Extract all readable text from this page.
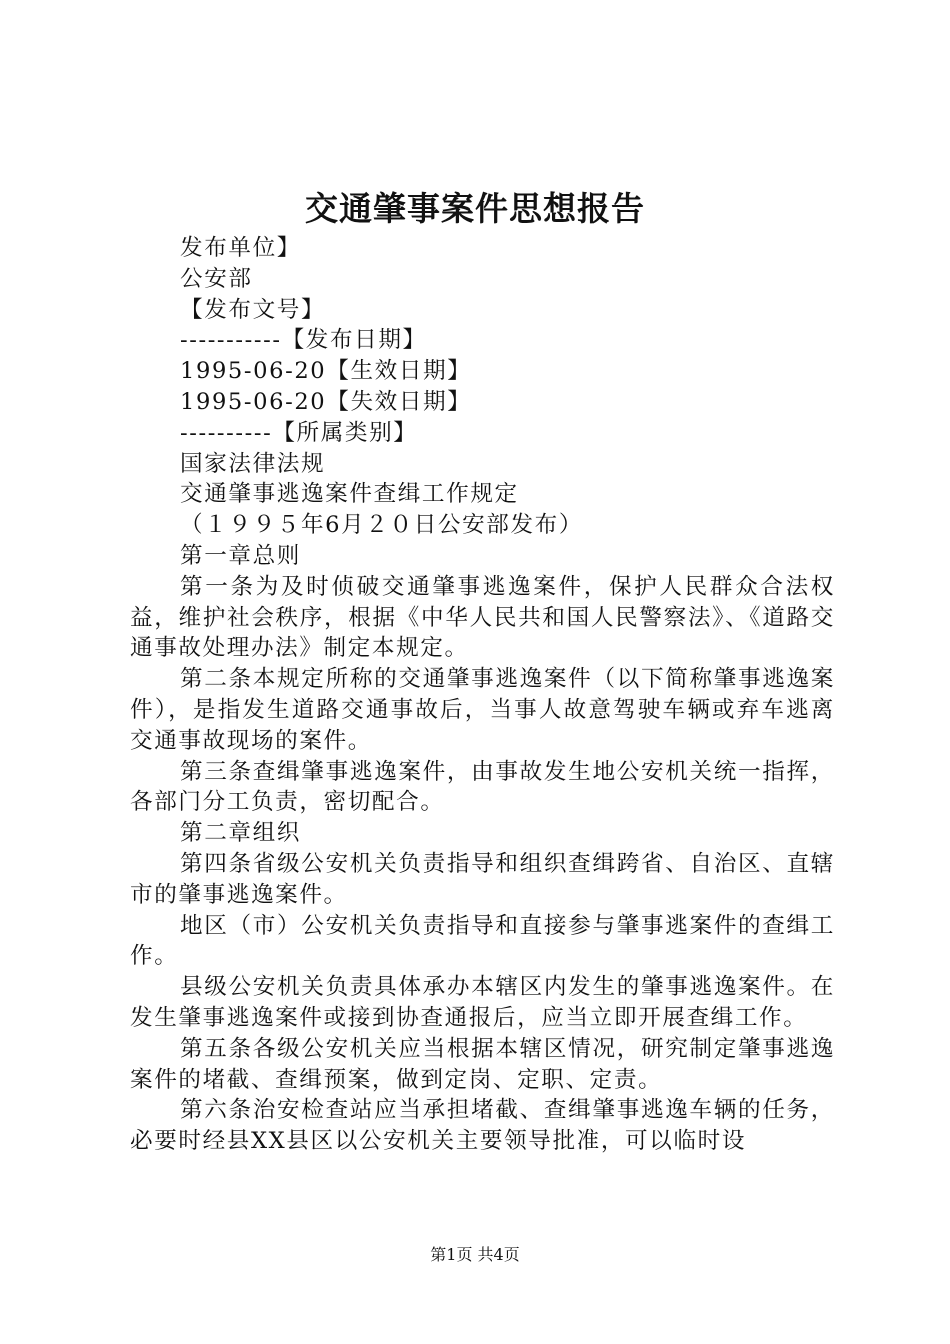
交通肇事案件思想报告
发布单位】
公安部
【发布文号】
-----------【发布日期】
1995-06-20【生效日期】
1995-06-20【失效日期】
----------【所属类别】
国家法律法规
交通肇事逃逸案件查缉工作规定
（１９９５年6月２０日公安部发布）
第一章总则
第一条为及时侦破交通肇事逃逸案件，保护人民群众合法权益，维护社会秩序，根据《中华人民共和国人民警察法》、《道路交通事故处理办法》制定本规定。
第二条本规定所称的交通肇事逃逸案件（以下简称肇事逃逸案件），是指发生道路交通事故后，当事人故意驾驶车辆或弃车逃离交通事故现场的案件。
第三条查缉肇事逃逸案件，由事故发生地公安机关统一指挥，各部门分工负责，密切配合。
第二章组织
第四条省级公安机关负责指导和组织查缉跨省、自治区、直辖市的肇事逃逸案件。
地区（市）公安机关负责指导和直接参与肇事逃案件的查缉工作。
县级公安机关负责具体承办本辖区内发生的肇事逃逸案件。在发生肇事逃逸案件或接到协查通报后，应当立即开展查缉工作。
第五条各级公安机关应当根据本辖区情况，研究制定肇事逃逸案件的堵截、查缉预案，做到定岗、定职、定责。
第六条治安检查站应当承担堵截、查缉肇事逃逸车辆的任务，必要时经县XX县区以公安机关主要领导批准，可以临时设
第1页 共4页
